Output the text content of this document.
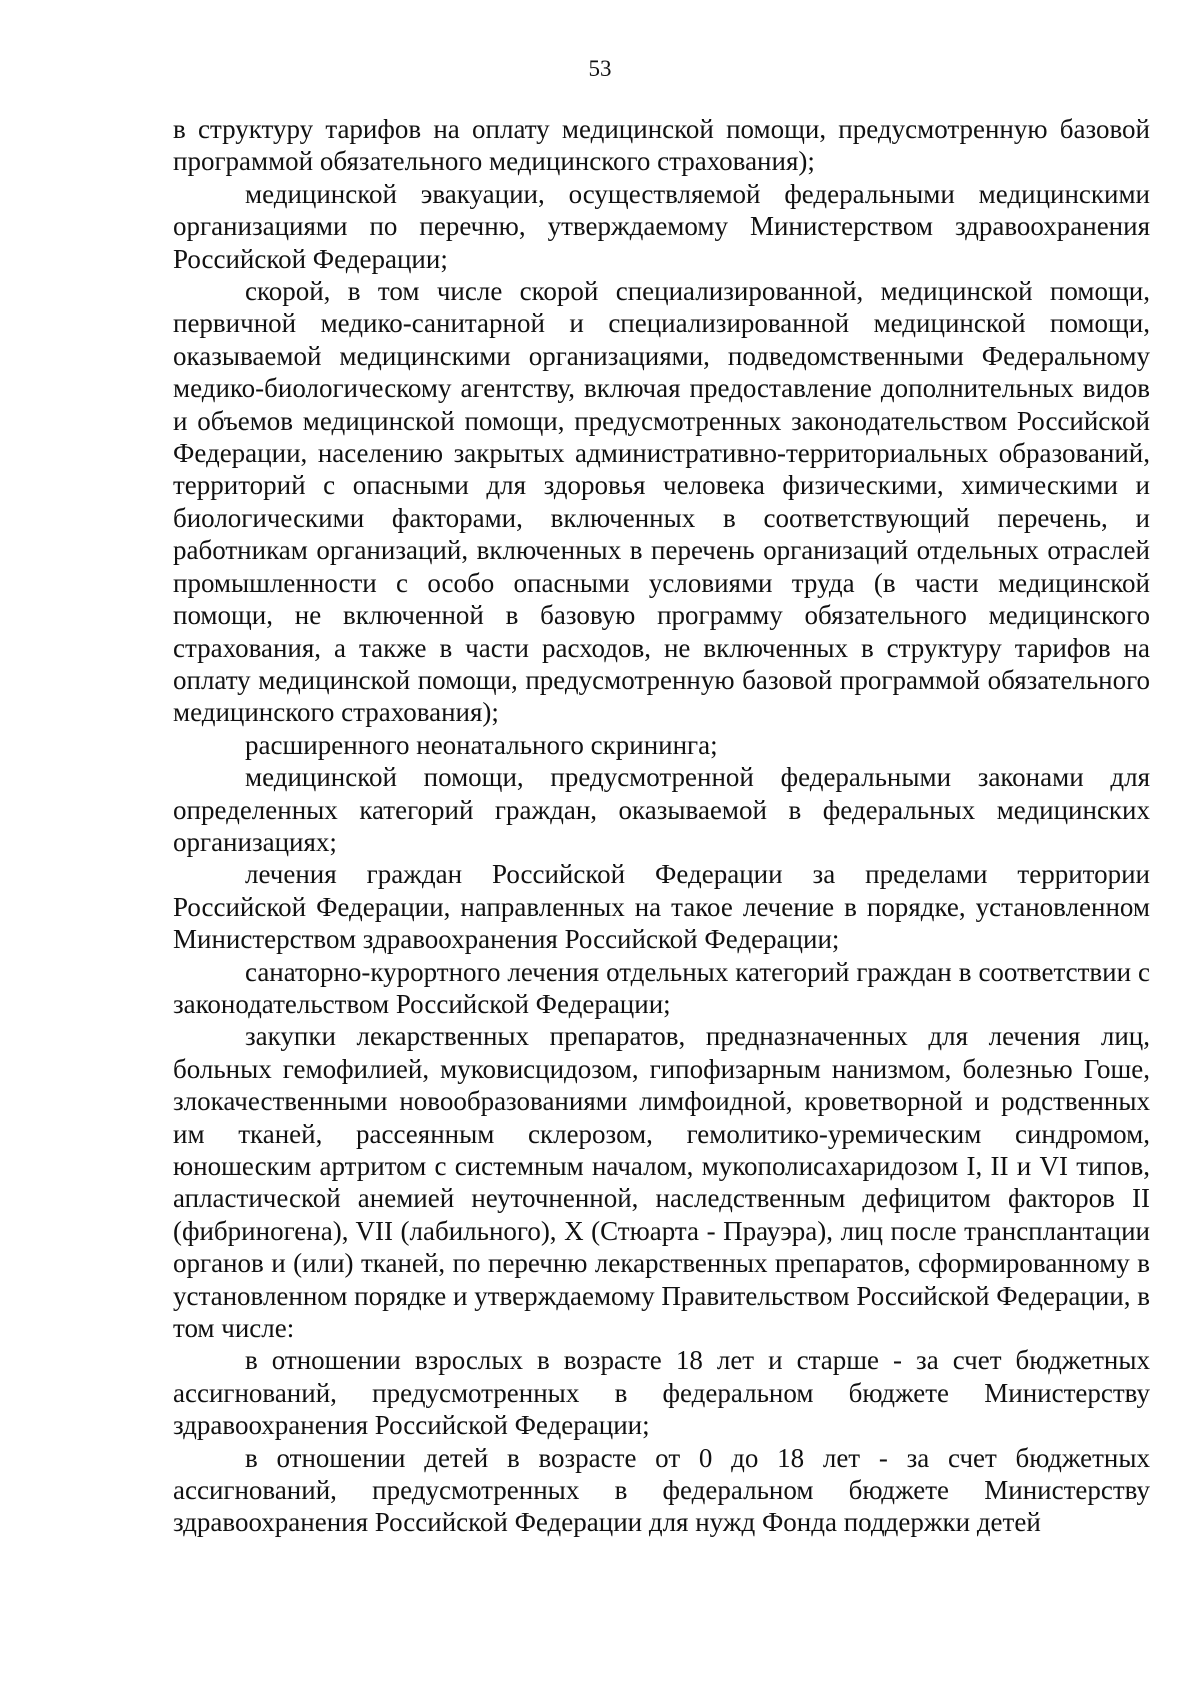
53

в структуру тарифов на оплату медицинской помощи, предусмотренную базовой программой обязательного медицинского страхования);

медицинской эвакуации, осуществляемой федеральными медицинскими организациями по перечню, утверждаемому Министерством здравоохранения Российской Федерации;

скорой, в том числе скорой специализированной, медицинской помощи, первичной медико-санитарной и специализированной медицинской помощи, оказываемой медицинскими организациями, подведомственными Федеральному медико-биологическому агентству, включая предоставление дополнительных видов и объемов медицинской помощи, предусмотренных законодательством Российской Федерации, населению закрытых административно-территориальных образований, территорий с опасными для здоровья человека физическими, химическими и биологическими факторами, включенных в соответствующий перечень, и работникам организаций, включенных в перечень организаций отдельных отраслей промышленности с особо опасными условиями труда (в части медицинской помощи, не включенной в базовую программу обязательного медицинского страхования, а также в части расходов, не включенных в структуру тарифов на оплату медицинской помощи, предусмотренную базовой программой обязательного медицинского страхования);

расширенного неонатального скрининга;

медицинской помощи, предусмотренной федеральными законами для определенных категорий граждан, оказываемой в федеральных медицинских организациях;

лечения граждан Российской Федерации за пределами территории Российской Федерации, направленных на такое лечение в порядке, установленном Министерством здравоохранения Российской Федерации;

санаторно-курортного лечения отдельных категорий граждан в соответствии с законодательством Российской Федерации;

закупки лекарственных препаратов, предназначенных для лечения лиц, больных гемофилией, муковисцидозом, гипофизарным нанизмом, болезнью Гоше, злокачественными новообразованиями лимфоидной, кроветворной и родственных им тканей, рассеянным склерозом, гемолитико-уремическим синдромом, юношеским артритом с системным началом, мукополисахаридозом I, II и VI типов, апластической анемией неуточненной, наследственным дефицитом факторов II (фибриногена), VII (лабильного), X (Стюарта - Прауэра), лиц после трансплантации органов и (или) тканей, по перечню лекарственных препаратов, сформированному в установленном порядке и утверждаемому Правительством Российской Федерации, в том числе:

в отношении взрослых в возрасте 18 лет и старше - за счет бюджетных ассигнований, предусмотренных в федеральном бюджете Министерству здравоохранения Российской Федерации;

в отношении детей в возрасте от 0 до 18 лет - за счет бюджетных ассигнований, предусмотренных в федеральном бюджете Министерству здравоохранения Российской Федерации для нужд Фонда поддержки детей
